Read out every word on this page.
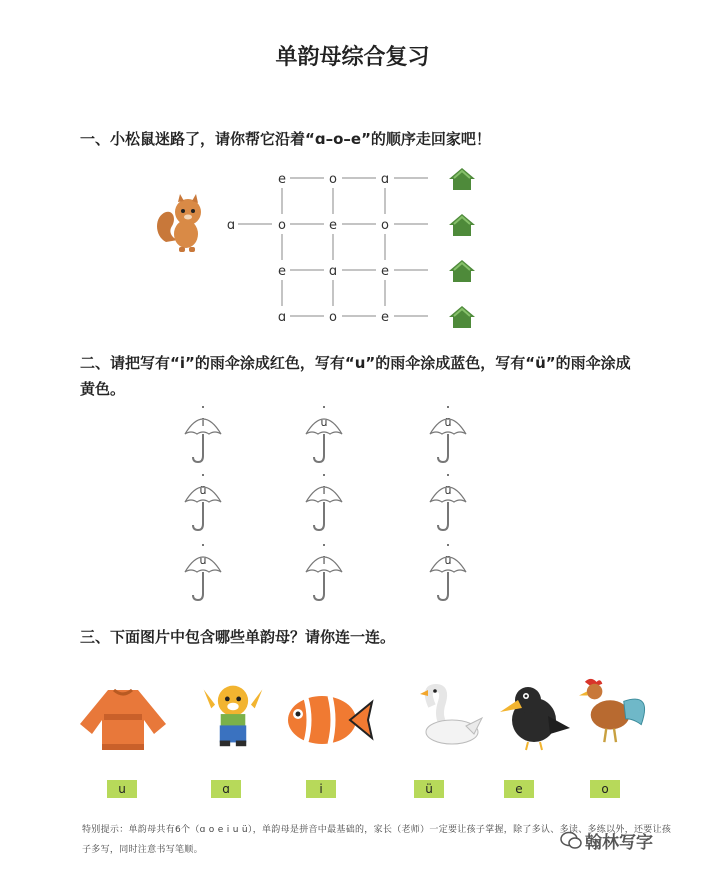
单韵母综合复习
一、小松鼠迷路了，请你帮它沿着“ɑ–o–e”的顺序走回家吧！
ɑ
e	o	ɑ
o	e	o
e	ɑ	e
ɑ	o	e
二、请把写有“i”的雨伞涂成红色，写有“u”的雨伞涂成蓝色，写有“ü”的雨伞涂成黄色。
i	u	ü
ü	i	ü
u	i	ü
三、下面图片中包含哪些单韵母？请你连一连。
u	ɑ	i	ü	e	o
特别提示：单韵母共有6个（ɑ o e i u ü），单韵母是拼音中最基础的，家长（老师）一定要让孩子掌握，除了多认、多读、多练以外，还要让孩子多写，同时注意书写笔顺。	翰林写字
